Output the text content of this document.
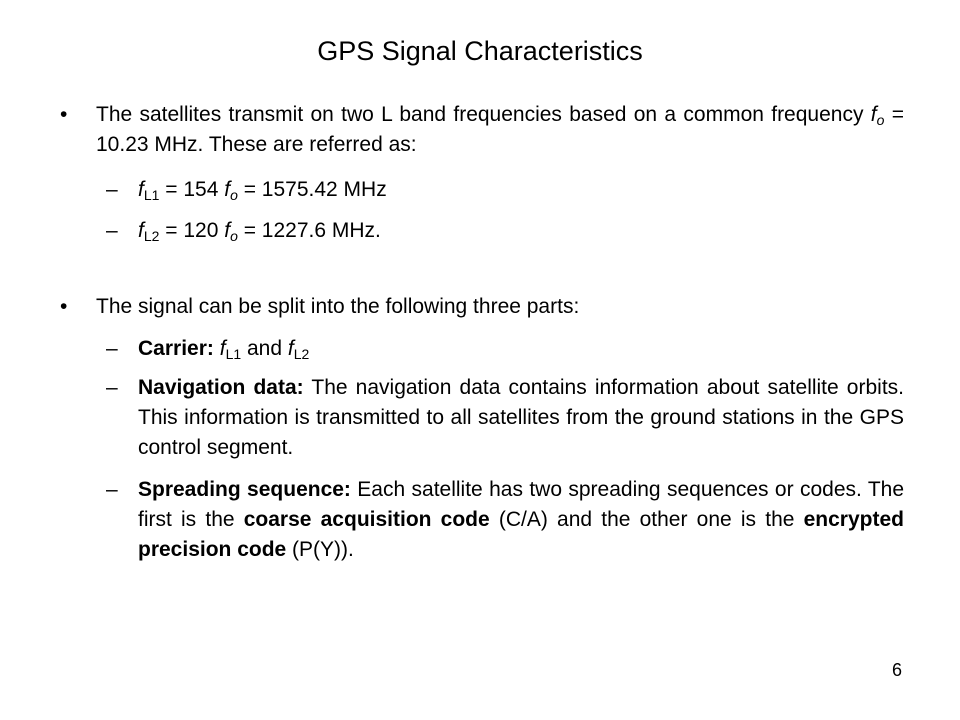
GPS Signal Characteristics
• The satellites transmit on two L band frequencies based on a common frequency $f_o = 10.23$ MHz. These are referred as:
– $f_{L1} = 154$ $f_o = 1575.42$ MHz
– $f_{L2} = 120$ $f_o = 1227.6$ MHz.
• The signal can be split into the following three parts:
– Carrier: $f_{L1}$ and $f_{L2}$
– Navigation data: The navigation data contains information about satellite orbits. This information is transmitted to all satellites from the ground stations in the GPS control segment.
– Spreading sequence: Each satellite has two spreading sequences or codes. The first is the coarse acquisition code (C/A) and the other one is the encrypted precision code (P(Y)).
6
